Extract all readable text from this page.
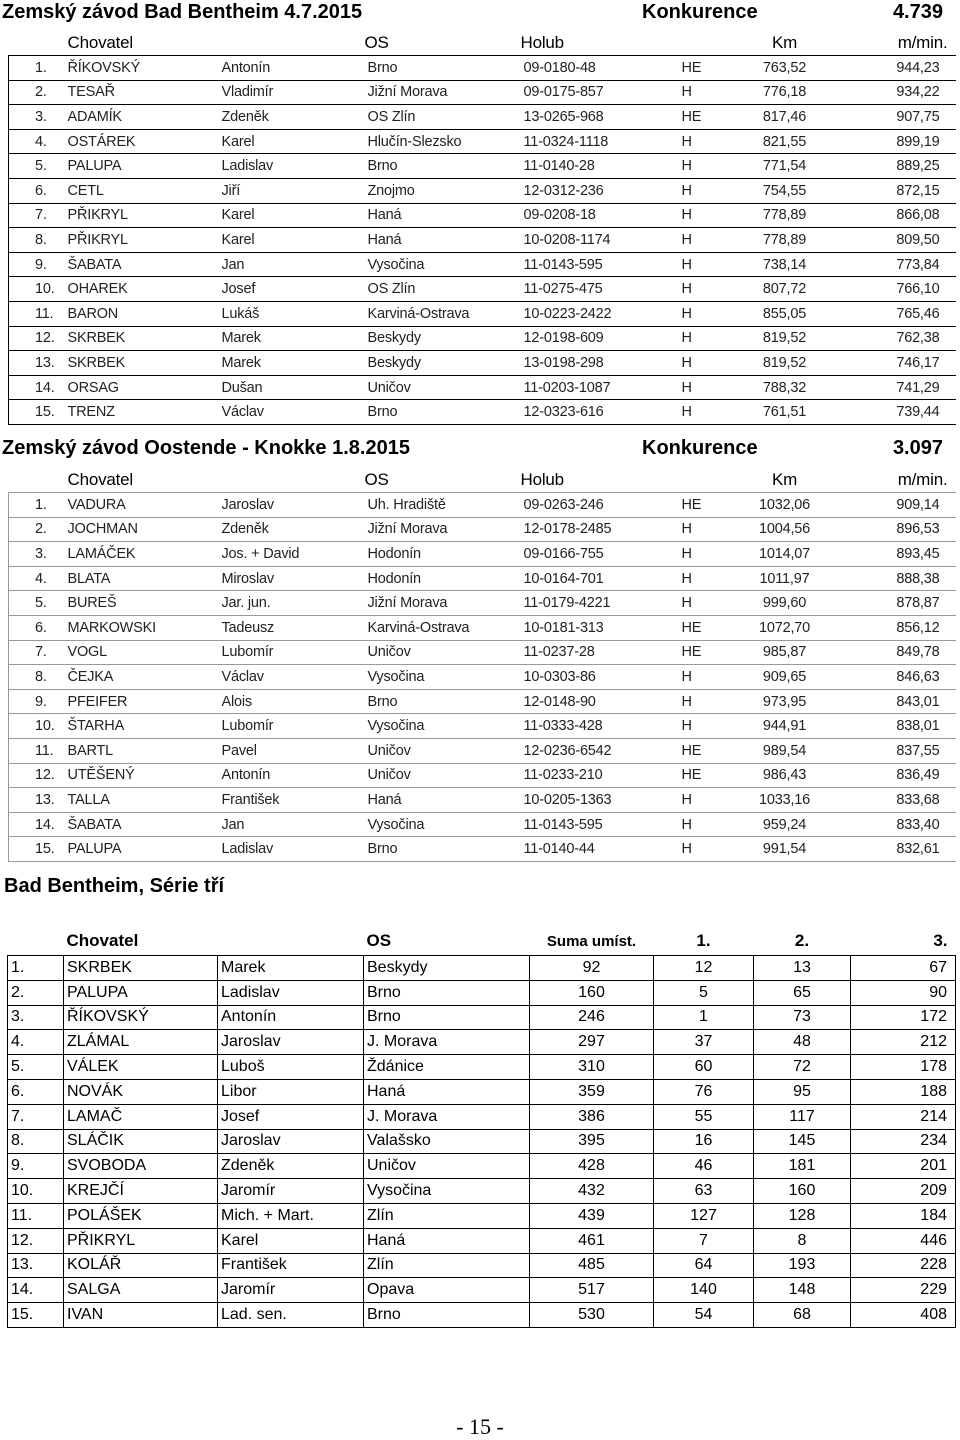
Zemský závod Bad Bentheim 4.7.2015	Konkurence	4.739
	Chovatel		OS	Holub		Km	m/min.
1.	ŘÍKOVSKÝ	Antonín	Brno	09-0180-48	HE	763,52	944,23
2.	TESAŘ	Vladimír	Jižní Morava	09-0175-857	H	776,18	934,22
3.	ADAMÍK	Zdeněk	OS Zlín	13-0265-968	HE	817,46	907,75
4.	OSTÁREK	Karel	Hlučín-Slezsko	11-0324-1118	H	821,55	899,19
5.	PALUPA	Ladislav	Brno	11-0140-28	H	771,54	889,25
6.	CETL	Jiří	Znojmo	12-0312-236	H	754,55	872,15
7.	PŘIKRYL	Karel	Haná	09-0208-18	H	778,89	866,08
8.	PŘIKRYL	Karel	Haná	10-0208-1174	H	778,89	809,50
9.	ŠABATA	Jan	Vysočina	11-0143-595	H	738,14	773,84
10.	OHAREK	Josef	OS Zlín	11-0275-475	H	807,72	766,10
11.	BARON	Lukáš	Karviná-Ostrava	10-0223-2422	H	855,05	765,46
12.	SKRBEK	Marek	Beskydy	12-0198-609	H	819,52	762,38
13.	SKRBEK	Marek	Beskydy	13-0198-298	H	819,52	746,17
14.	ORSAG	Dušan	Uničov	11-0203-1087	H	788,32	741,29
15.	TRENZ	Václav	Brno	12-0323-616	H	761,51	739,44
Zemský závod Oostende - Knokke 1.8.2015	Konkurence	3.097
	Chovatel		OS	Holub		Km	m/min.
1.	VADURA	Jaroslav	Uh. Hradiště	09-0263-246	HE	1032,06	909,14
2.	JOCHMAN	Zdeněk	Jižní Morava	12-0178-2485	H	1004,56	896,53
3.	LAMÁČEK	Jos. + David	Hodonín	09-0166-755	H	1014,07	893,45
4.	BLATA	Miroslav	Hodonín	10-0164-701	H	1011,97	888,38
5.	BUREŠ	Jar. jun.	Jižní Morava	11-0179-4221	H	999,60	878,87
6.	MARKOWSKI	Tadeusz	Karviná-Ostrava	10-0181-313	HE	1072,70	856,12
7.	VOGL	Lubomír	Uničov	11-0237-28	HE	985,87	849,78
8.	ČEJKA	Václav	Vysočina	10-0303-86	H	909,65	846,63
9.	PFEIFER	Alois	Brno	12-0148-90	H	973,95	843,01
10.	ŠTARHA	Lubomír	Vysočina	11-0333-428	H	944,91	838,01
11.	BARTL	Pavel	Uničov	12-0236-6542	HE	989,54	837,55
12.	UTĚŠENÝ	Antonín	Uničov	11-0233-210	HE	986,43	836,49
13.	TALLA	František	Haná	10-0205-1363	H	1033,16	833,68
14.	ŠABATA	Jan	Vysočina	11-0143-595	H	959,24	833,40
15.	PALUPA	Ladislav	Brno	11-0140-44	H	991,54	832,61
Bad Bentheim, Série tří
	Chovatel		OS	Suma umíst.	1.	2.	3.
1.	SKRBEK	Marek	Beskydy	92	12	13	67
2.	PALUPA	Ladislav	Brno	160	5	65	90
3.	ŘÍKOVSKÝ	Antonín	Brno	246	1	73	172
4.	ZLÁMAL	Jaroslav	J. Morava	297	37	48	212
5.	VÁLEK	Luboš	Ždánice	310	60	72	178
6.	NOVÁK	Libor	Haná	359	76	95	188
7.	LAMAČ	Josef	J. Morava	386	55	117	214
8.	SLÁČIK	Jaroslav	Valašsko	395	16	145	234
9.	SVOBODA	Zdeněk	Uničov	428	46	181	201
10.	KREJČÍ	Jaromír	Vysočina	432	63	160	209
11.	POLÁŠEK	Mich. + Mart.	Zlín	439	127	128	184
12.	PŘIKRYL	Karel	Haná	461	7	8	446
13.	KOLÁŘ	František	Zlín	485	64	193	228
14.	SALGA	Jaromír	Opava	517	140	148	229
15.	IVAN	Lad. sen.	Brno	530	54	68	408
- 15 -
